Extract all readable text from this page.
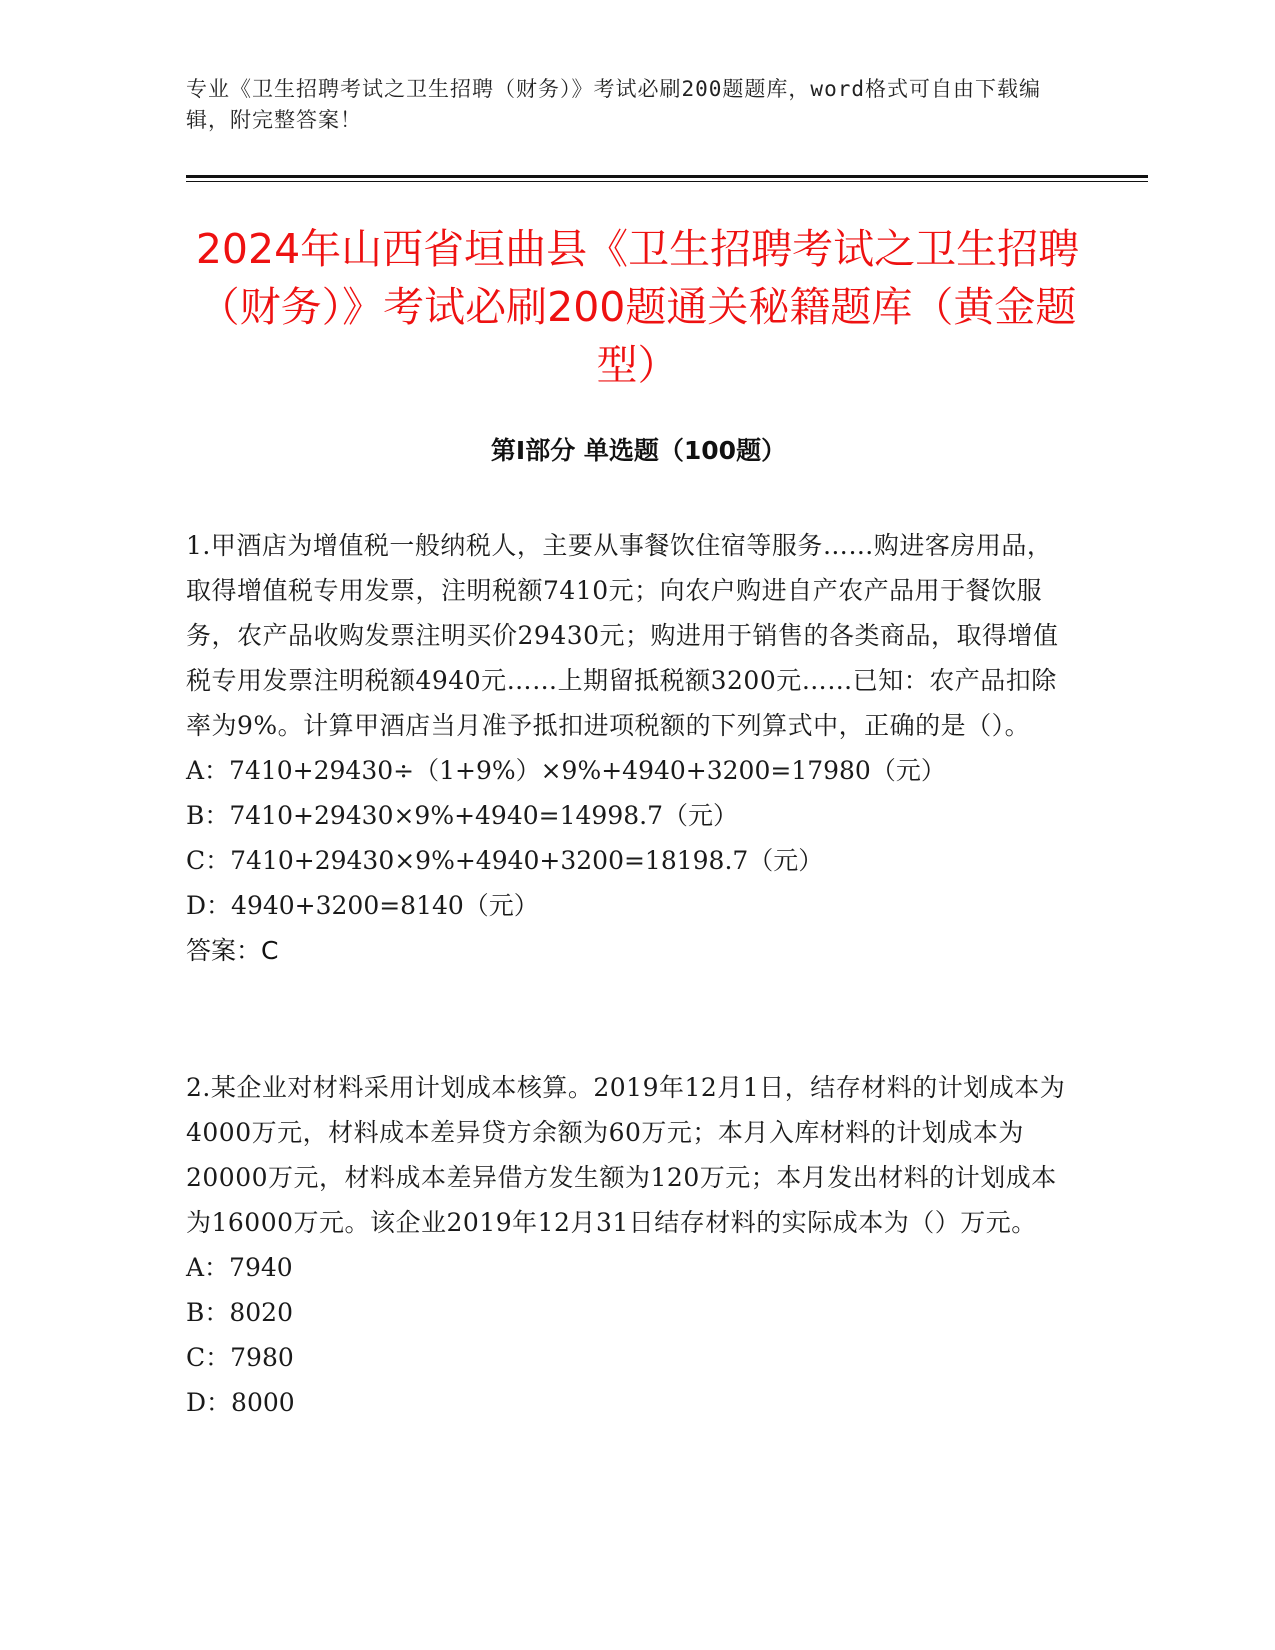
专业《卫生招聘考试之卫生招聘（财务）》考试必刷200题题库，word格式可自由下载编辑，附完整答案！
2024年山西省垣曲县《卫生招聘考试之卫生招聘（财务）》考试必刷200题通关秘籍题库（黄金题型）
第Ⅰ部分 单选题（100题）

1.甲酒店为增值税一般纳税人，主要从事餐饮住宿等服务……购进客房用品，取得增值税专用发票，注明税额7410元；向农户购进自产农产品用于餐饮服务，农产品收购发票注明买价29430元；购进用于销售的各类商品，取得增值税专用发票注明税额4940元……上期留抵税额3200元……已知：农产品扣除率为9%。计算甲酒店当月准予抵扣进项税额的下列算式中，正确的是（）。

A：7410+29430÷（1+9%）×9%+4940+3200=17980（元）

B：7410+29430×9%+4940=14998.7（元）

C：7410+29430×9%+4940+3200=18198.7（元）

D：4940+3200=8140（元）

答案：C

2.某企业对材料采用计划成本核算。2019年12月1日，结存材料的计划成本为4000万元，材料成本差异贷方余额为60万元；本月入库材料的计划成本为20000万元，材料成本差异借方发生额为120万元；本月发出材料的计划成本为16000万元。该企业2019年12月31日结存材料的实际成本为（）万元。

A：7940

B：8020

C：7980

D：8000
